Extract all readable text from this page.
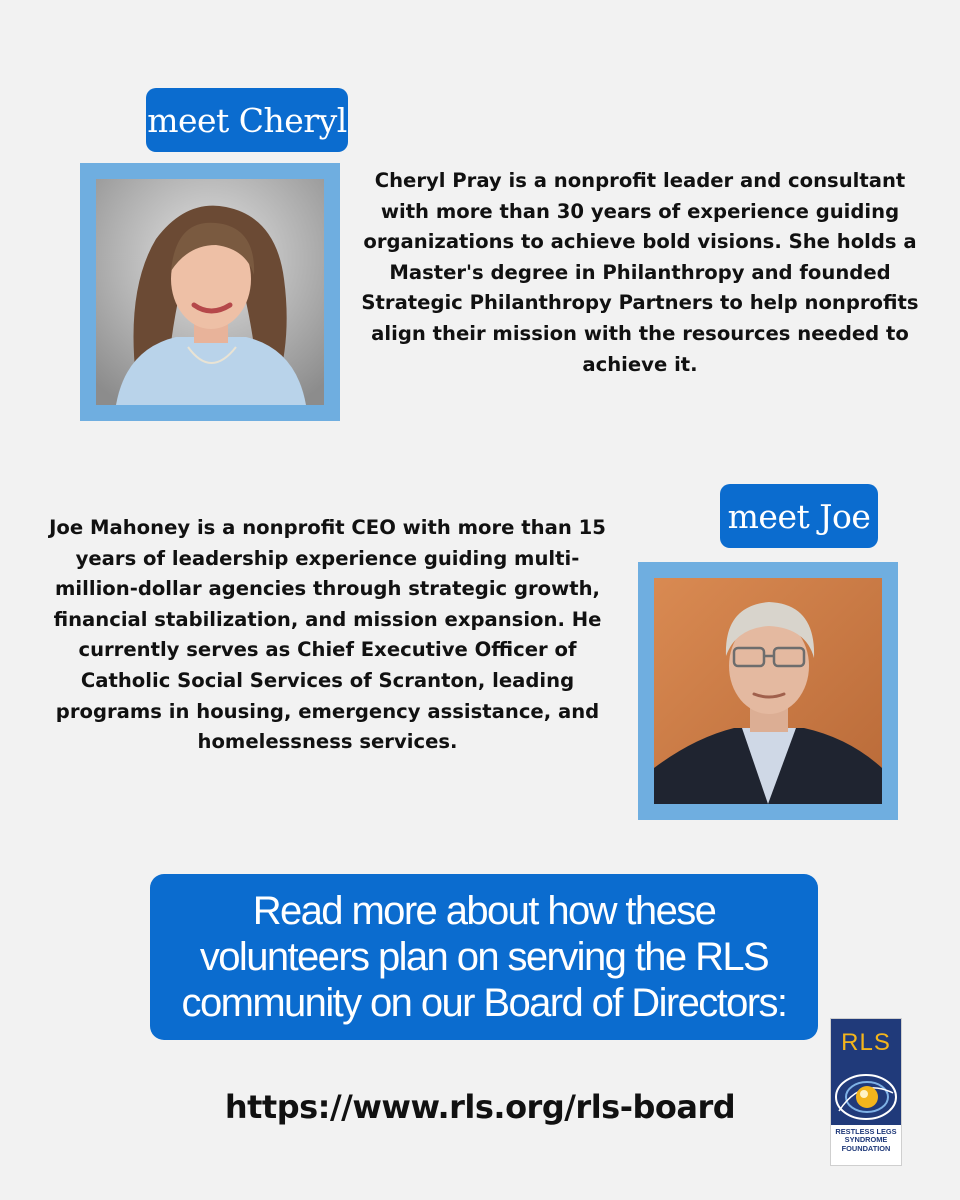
meet Cheryl
Cheryl Pray is a nonprofit leader and consultant with more than 30 years of experience guiding organizations to achieve bold visions. She holds a Master's degree in Philanthropy and founded Strategic Philanthropy Partners to help nonprofits align their mission with the resources needed to achieve it.
Joe Mahoney is a nonprofit CEO with more than 15 years of leadership experience guiding multi-million-dollar agencies through strategic growth, financial stabilization, and mission expansion. He currently serves as Chief Executive Officer of Catholic Social Services of Scranton, leading programs in housing, emergency assistance, and homelessness services.
meet Joe
Read more about how these volunteers plan on serving the RLS community on our Board of Directors:
https://www.rls.org/rls-board
RLS
RESTLESS LEGS
SYNDROME
FOUNDATION
